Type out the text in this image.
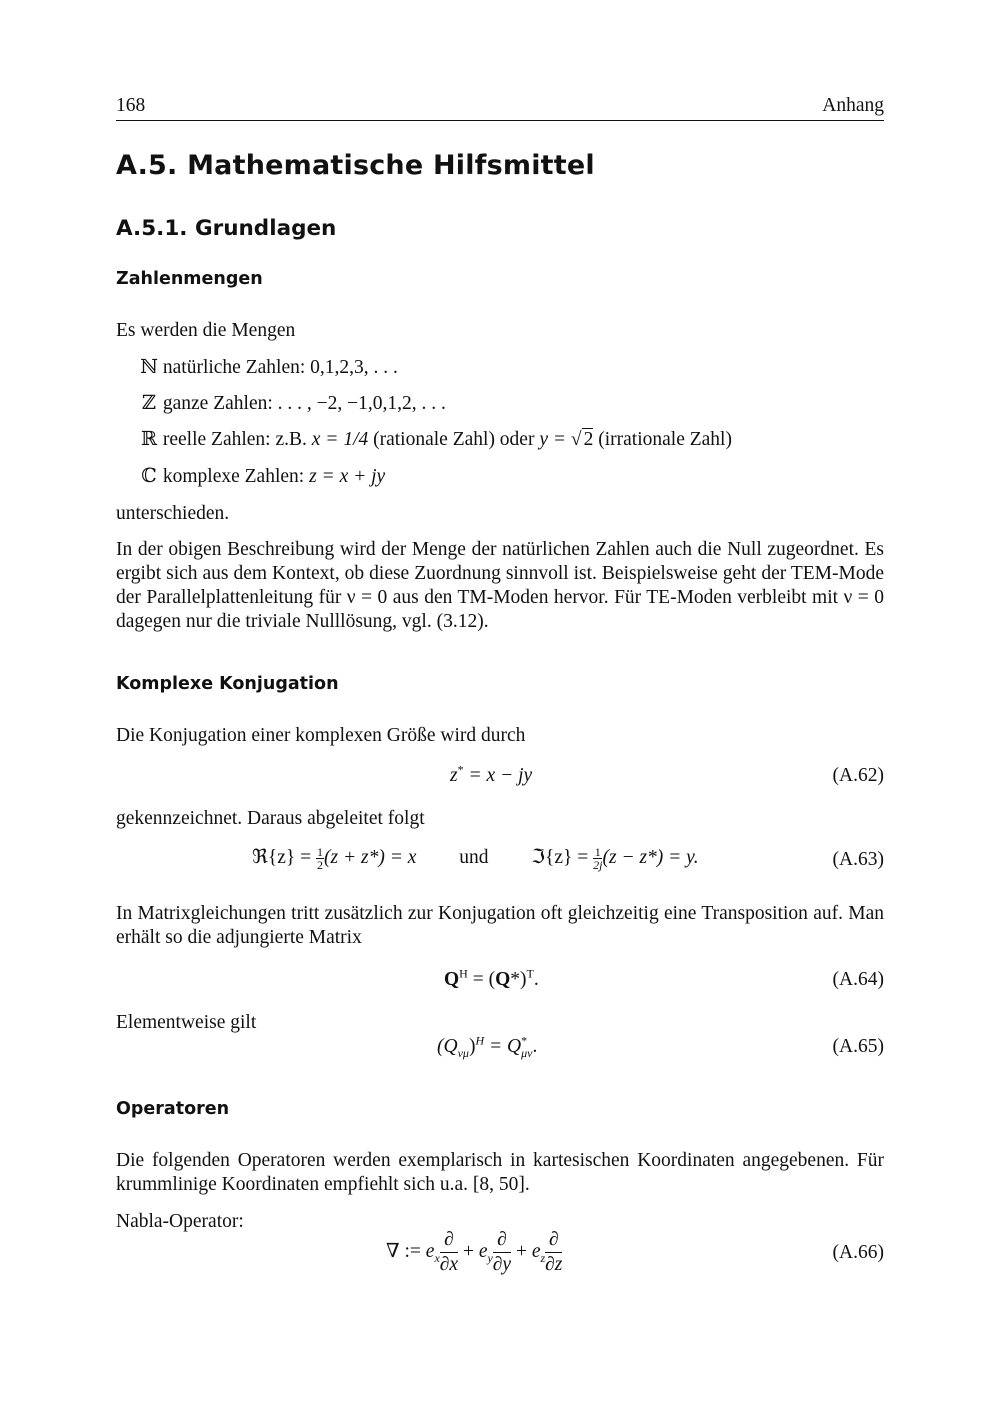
168	Anhang
A.5. Mathematische Hilfsmittel
A.5.1. Grundlagen
Zahlenmengen
Es werden die Mengen
ℕ natürliche Zahlen: 0,1,2,3, . . .
ℤ ganze Zahlen: . . . , −2, −1,0,1,2, . . .
ℝ reelle Zahlen: z.B. x = 1/4 (rationale Zahl) oder y = √ 2 (irrationale Zahl)
ℂ komplexe Zahlen: z = x + jy
unterschieden.
In der obigen Beschreibung wird der Menge der natürlichen Zahlen auch die Null zugeordnet. Es ergibt sich aus dem Kontext, ob diese Zuordnung sinnvoll ist. Beispielsweise geht der TEM-Mode der Parallelplattenleitung für ν = 0 aus den TM-Moden hervor. Für TE-Moden verbleibt mit ν = 0 dagegen nur die triviale Nulllösung, vgl. (3.12).
Komplexe Konjugation
Die Konjugation einer komplexen Größe wird durch
z* = x − jy	(A.62)
gekennzeichnet. Daraus abgeleitet folgt
ℜ{z} = $\frac{1}{2} (z + z*) = x$ und ℑ{z} = $\frac{1}{2j} (z - z*) = y$.	(A.63)
In Matrixgleichungen tritt zusätzlich zur Konjugation oft gleichzeitig eine Transposition auf. Man erhält so die adjungierte Matrix
$Q^H = (Q*)^T$.	(A.64)
Elementweise gilt
$(Q_{\nu\mu})^H = Q^*_{\mu\nu}$.	(A.65)
Operatoren
Die folgenden Operatoren werden exemplarisch in kartesischen Koordinaten angegebenen. Für krummlinige Koordinaten empfiehlt sich u.a. [8, 50].
Nabla-Operator:
∇ := $e_x$
∂
∂x
+ $e_y$
∂
∂y
+ $e_z$
∂
∂z
(A.66)
